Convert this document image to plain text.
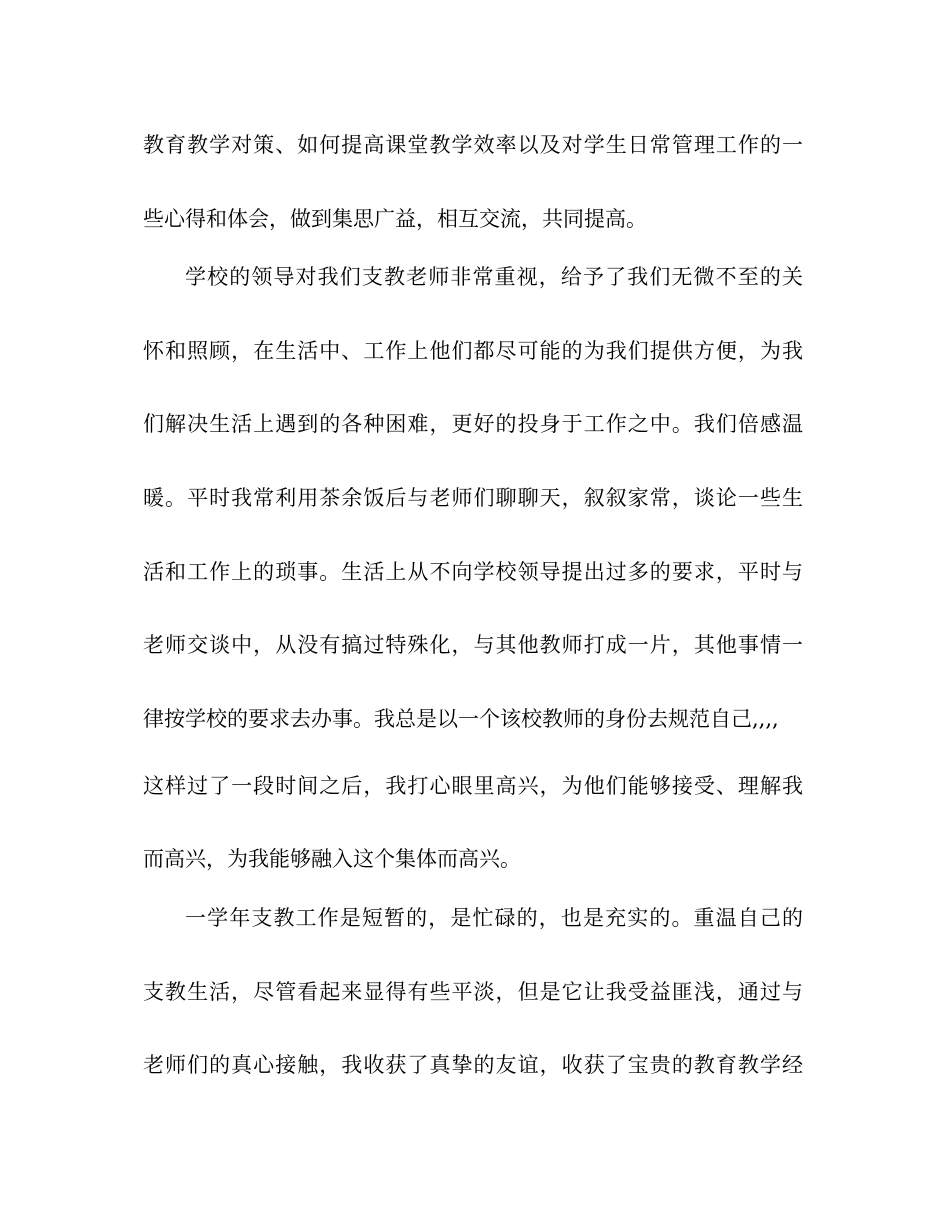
教育教学对策、如何提高课堂教学效率以及对学生日常管理工作的一
些心得和体会，做到集思广益，相互交流，共同提高。
学校的领导对我们支教老师非常重视，给予了我们无微不至的关
怀和照顾，在生活中、工作上他们都尽可能的为我们提供方便，为我
们解决生活上遇到的各种困难，更好的投身于工作之中。我们倍感温
暖。平时我常利用茶余饭后与老师们聊聊天，叙叙家常，谈论一些生
活和工作上的琐事。生活上从不向学校领导提出过多的要求，平时与
老师交谈中，从没有搞过特殊化，与其他教师打成一片，其他事情一
律按学校的要求去办事。我总是以一个该校教师的身份去规范自己,,,,
这样过了一段时间之后，我打心眼里高兴，为他们能够接受、理解我
而高兴，为我能够融入这个集体而高兴。
一学年支教工作是短暂的，是忙碌的，也是充实的。重温自己的
支教生活，尽管看起来显得有些平淡，但是它让我受益匪浅，通过与
老师们的真心接触，我收获了真挚的友谊，收获了宝贵的教育教学经
